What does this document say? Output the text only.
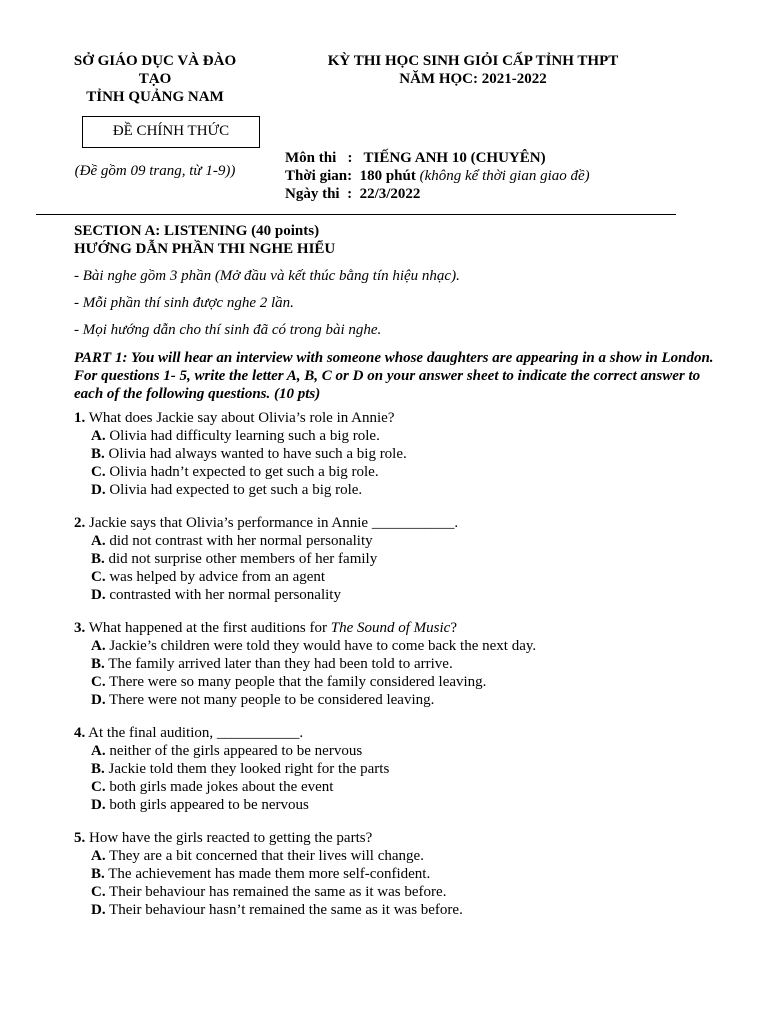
SỞ GIÁO DỤC VÀ ĐÀO
TẠO
TỈNH QUẢNG NAM
KỲ THI HỌC SINH GIỎI CẤP TỈNH THPT
NĂM HỌC: 2021-2022
ĐỀ CHÍNH THỨC
(Đề gồm 09 trang, từ 1-9))
Môn thi   :   TIẾNG ANH 10 (CHUYÊN)
Thời gian:  180 phút (không kể thời gian giao đề)
Ngày thi  :  22/3/2022
SECTION A: LISTENING (40 points)
HƯỚNG DẪN PHẦN THI NGHE HIỂU
- Bài nghe gồm 3 phần (Mở đầu và kết thúc bằng tín hiệu nhạc).
- Mỗi phần thí sinh được nghe 2 lần.
- Mọi hướng dẫn cho thí sinh đã có trong bài nghe.
PART 1: You will hear an interview with someone whose daughters are appearing in a show in London. For questions 1- 5, write the letter A, B, C or D on your answer sheet to indicate the correct answer to each of the following questions. (10 pts)
1. What does Jackie say about Olivia’s role in Annie?
A. Olivia had difficulty learning such a big role.
B. Olivia had always wanted to have such a big role.
C. Olivia hadn’t expected to get such a big role.
D. Olivia had expected to get such a big role.
2. Jackie says that Olivia’s performance in Annie ___________.
A. did not contrast with her normal personality
B. did not surprise other members of her family
C. was helped by advice from an agent
D. contrasted with her normal personality
3. What happened at the first auditions for The Sound of Music?
A. Jackie’s children were told they would have to come back the next day.
B. The family arrived later than they had been told to arrive.
C. There were so many people that the family considered leaving.
D. There were not many people to be considered leaving.
4. At the final audition, ___________.
A. neither of the girls appeared to be nervous
B. Jackie told them they looked right for the parts
C. both girls made jokes about the event
D. both girls appeared to be nervous
5. How have the girls reacted to getting the parts?
A. They are a bit concerned that their lives will change.
B. The achievement has made them more self-confident.
C. Their behaviour has remained the same as it was before.
D. Their behaviour hasn’t remained the same as it was before.
